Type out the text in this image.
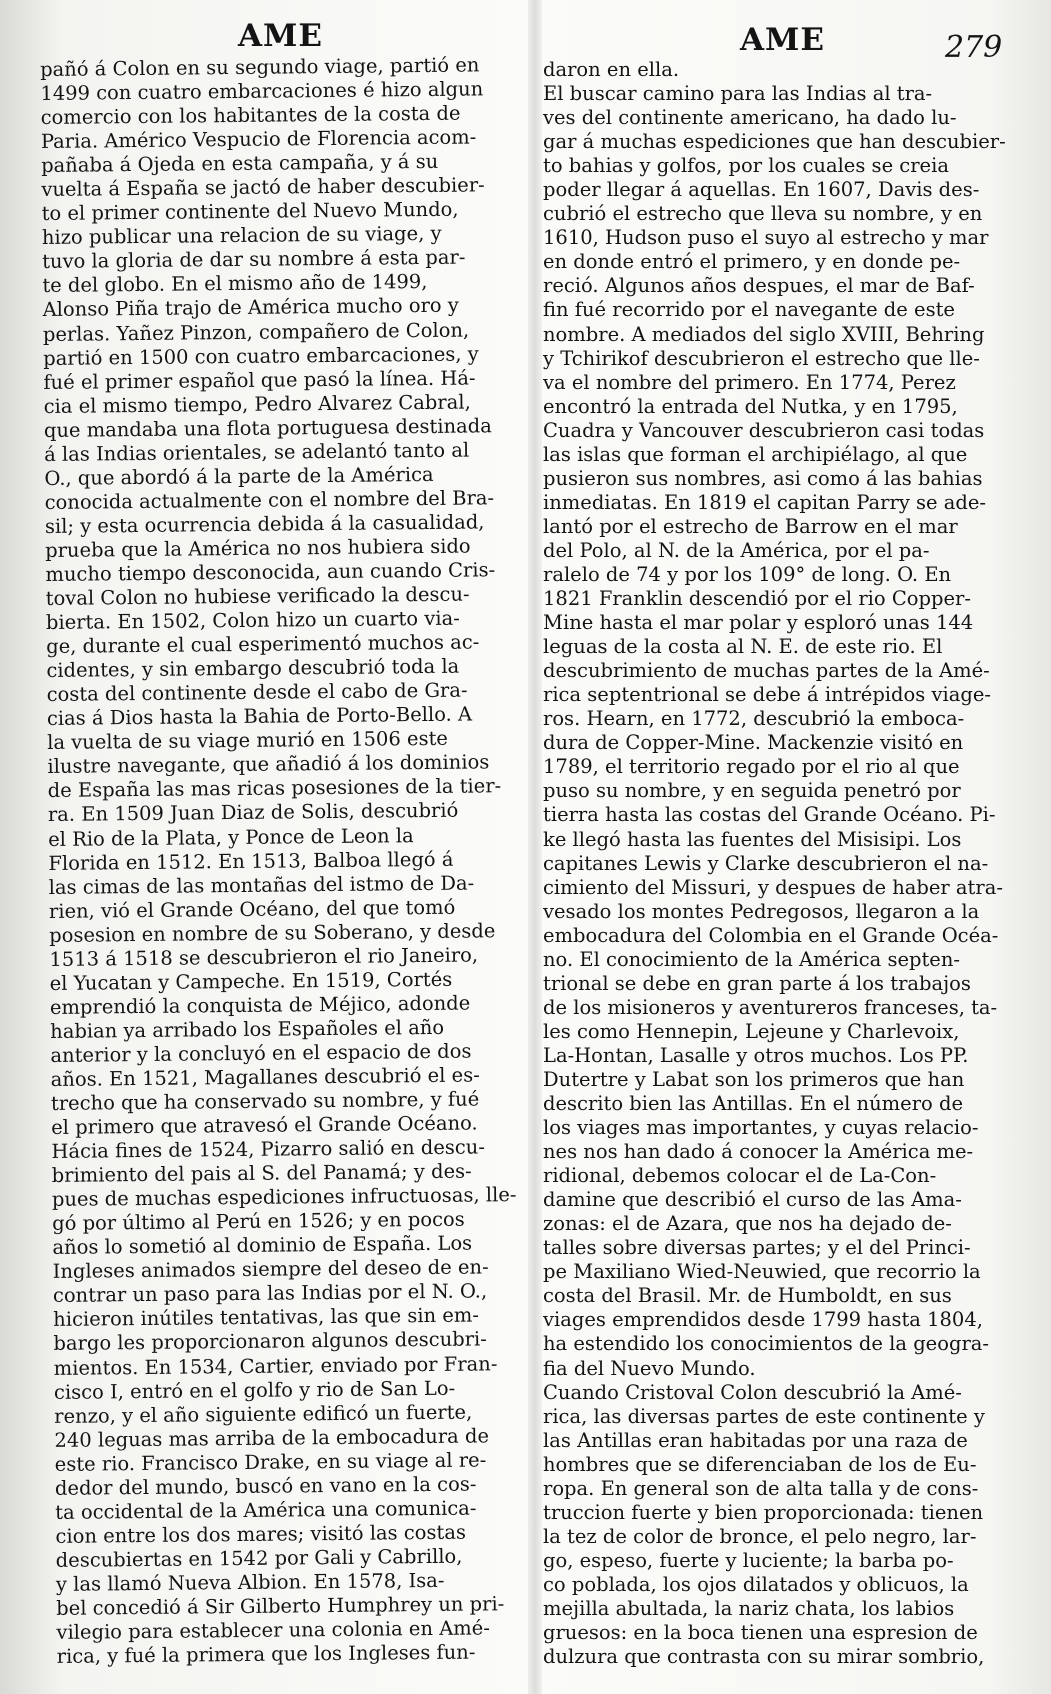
AME	AME	279
pañó á Colon en su segundo viage, partió en
1499 con cuatro embarcaciones é hizo algun
comercio con los habitantes de la costa de
Paria. Américo Vespucio de Florencia acom-
pañaba á Ojeda en esta campaña, y á su
vuelta á España se jactó de haber descubier-
to el primer continente del Nuevo Mundo,
hizo publicar una relacion de su viage, y
tuvo la gloria de dar su nombre á esta par-
te del globo. En el mismo año de 1499,
Alonso Piña trajo de América mucho oro y
perlas. Yañez Pinzon, compañero de Colon,
partió en 1500 con cuatro embarcaciones, y
fué el primer español que pasó la línea. Há-
cia el mismo tiempo, Pedro Alvarez Cabral,
que mandaba una flota portuguesa destinada
á las Indias orientales, se adelantó tanto al
O., que abordó á la parte de la América
conocida actualmente con el nombre del Bra-
sil; y esta ocurrencia debida á la casualidad,
prueba que la América no nos hubiera sido
mucho tiempo desconocida, aun cuando Cris-
toval Colon no hubiese verificado la descu-
bierta. En 1502, Colon hizo un cuarto via-
ge, durante el cual esperimentó muchos ac-
cidentes, y sin embargo descubrió toda la
costa del continente desde el cabo de Gra-
cias á Dios hasta la Bahia de Porto-Bello. A
la vuelta de su viage murió en 1506 este
ilustre navegante, que añadió á los dominios
de España las mas ricas posesiones de la tier-
ra. En 1509 Juan Diaz de Solis, descubrió
el Rio de la Plata, y Ponce de Leon la
Florida en 1512. En 1513, Balboa llegó á
las cimas de las montañas del istmo de Da-
rien, vió el Grande Océano, del que tomó
posesion en nombre de su Soberano, y desde
1513 á 1518 se descubrieron el rio Janeiro,
el Yucatan y Campeche. En 1519, Cortés
emprendió la conquista de Méjico, adonde
habian ya arribado los Españoles el año
anterior y la concluyó en el espacio de dos
años. En 1521, Magallanes descubrió el es-
trecho que ha conservado su nombre, y fué
el primero que atravesó el Grande Océano.
Hácia fines de 1524, Pizarro salió en descu-
brimiento del pais al S. del Panamá; y des-
pues de muchas espediciones infructuosas, lle-
gó por último al Perú en 1526; y en pocos
años lo sometió al dominio de España. Los
Ingleses animados siempre del deseo de en-
contrar un paso para las Indias por el N. O.,
hicieron inútiles tentativas, las que sin em-
bargo les proporcionaron algunos descubri-
mientos. En 1534, Cartier, enviado por Fran-
cisco I, entró en el golfo y rio de San Lo-
renzo, y el año siguiente edificó un fuerte,
240 leguas mas arriba de la embocadura de
este rio. Francisco Drake, en su viage al re-
dedor del mundo, buscó en vano en la cos-
ta occidental de la América una comunica-
cion entre los dos mares; visitó las costas
descubiertas en 1542 por Gali y Cabrillo,
y las llamó Nueva Albion. En 1578, Isa-
bel concedió á Sir Gilberto Humphrey un pri-
vilegio para establecer una colonia en Amé-
rica, y fué la primera que los Ingleses fun-
daron en ella.
El buscar camino para las Indias al tra-
ves del continente americano, ha dado lu-
gar á muchas espediciones que han descubier-
to bahias y golfos, por los cuales se creia
poder llegar á aquellas. En 1607, Davis des-
cubrió el estrecho que lleva su nombre, y en
1610, Hudson puso el suyo al estrecho y mar
en donde entró el primero, y en donde pe-
reció. Algunos años despues, el mar de Baf-
fin fué recorrido por el navegante de este
nombre. A mediados del siglo XVIII, Behring
y Tchirikof descubrieron el estrecho que lle-
va el nombre del primero. En 1774, Perez
encontró la entrada del Nutka, y en 1795,
Cuadra y Vancouver descubrieron casi todas
las islas que forman el archipiélago, al que
pusieron sus nombres, asi como á las bahias
inmediatas. En 1819 el capitan Parry se ade-
lantó por el estrecho de Barrow en el mar
del Polo, al N. de la América, por el pa-
ralelo de 74 y por los 109° de long. O. En
1821 Franklin descendió por el rio Copper-
Mine hasta el mar polar y esploró unas 144
leguas de la costa al N. E. de este rio. El
descubrimiento de muchas partes de la Amé-
rica septentrional se debe á intrépidos viage-
ros. Hearn, en 1772, descubrió la emboca-
dura de Copper-Mine. Mackenzie visitó en
1789, el territorio regado por el rio al que
puso su nombre, y en seguida penetró por
tierra hasta las costas del Grande Océano. Pi-
ke llegó hasta las fuentes del Misisipi. Los
capitanes Lewis y Clarke descubrieron el na-
cimiento del Missuri, y despues de haber atra-
vesado los montes Pedregosos, llegaron a la
embocadura del Colombia en el Grande Océa-
no. El conocimiento de la América septen-
trional se debe en gran parte á los trabajos
de los misioneros y aventureros franceses, ta-
les como Hennepin, Lejeune y Charlevoix,
La-Hontan, Lasalle y otros muchos. Los PP.
Dutertre y Labat son los primeros que han
descrito bien las Antillas. En el número de
los viages mas importantes, y cuyas relacio-
nes nos han dado á conocer la América me-
ridional, debemos colocar el de La-Con-
damine que describió el curso de las Ama-
zonas: el de Azara, que nos ha dejado de-
talles sobre diversas partes; y el del Princi-
pe Maxiliano Wied-Neuwied, que recorrio la
costa del Brasil. Mr. de Humboldt, en sus
viages emprendidos desde 1799 hasta 1804,
ha estendido los conocimientos de la geogra-
fia del Nuevo Mundo.
Cuando Cristoval Colon descubrió la Amé-
rica, las diversas partes de este continente y
las Antillas eran habitadas por una raza de
hombres que se diferenciaban de los de Eu-
ropa. En general son de alta talla y de cons-
truccion fuerte y bien proporcionada: tienen
la tez de color de bronce, el pelo negro, lar-
go, espeso, fuerte y luciente; la barba po-
co poblada, los ojos dilatados y oblicuos, la
mejilla abultada, la nariz chata, los labios
gruesos: en la boca tienen una espresion de
dulzura que contrasta con su mirar sombrio,
